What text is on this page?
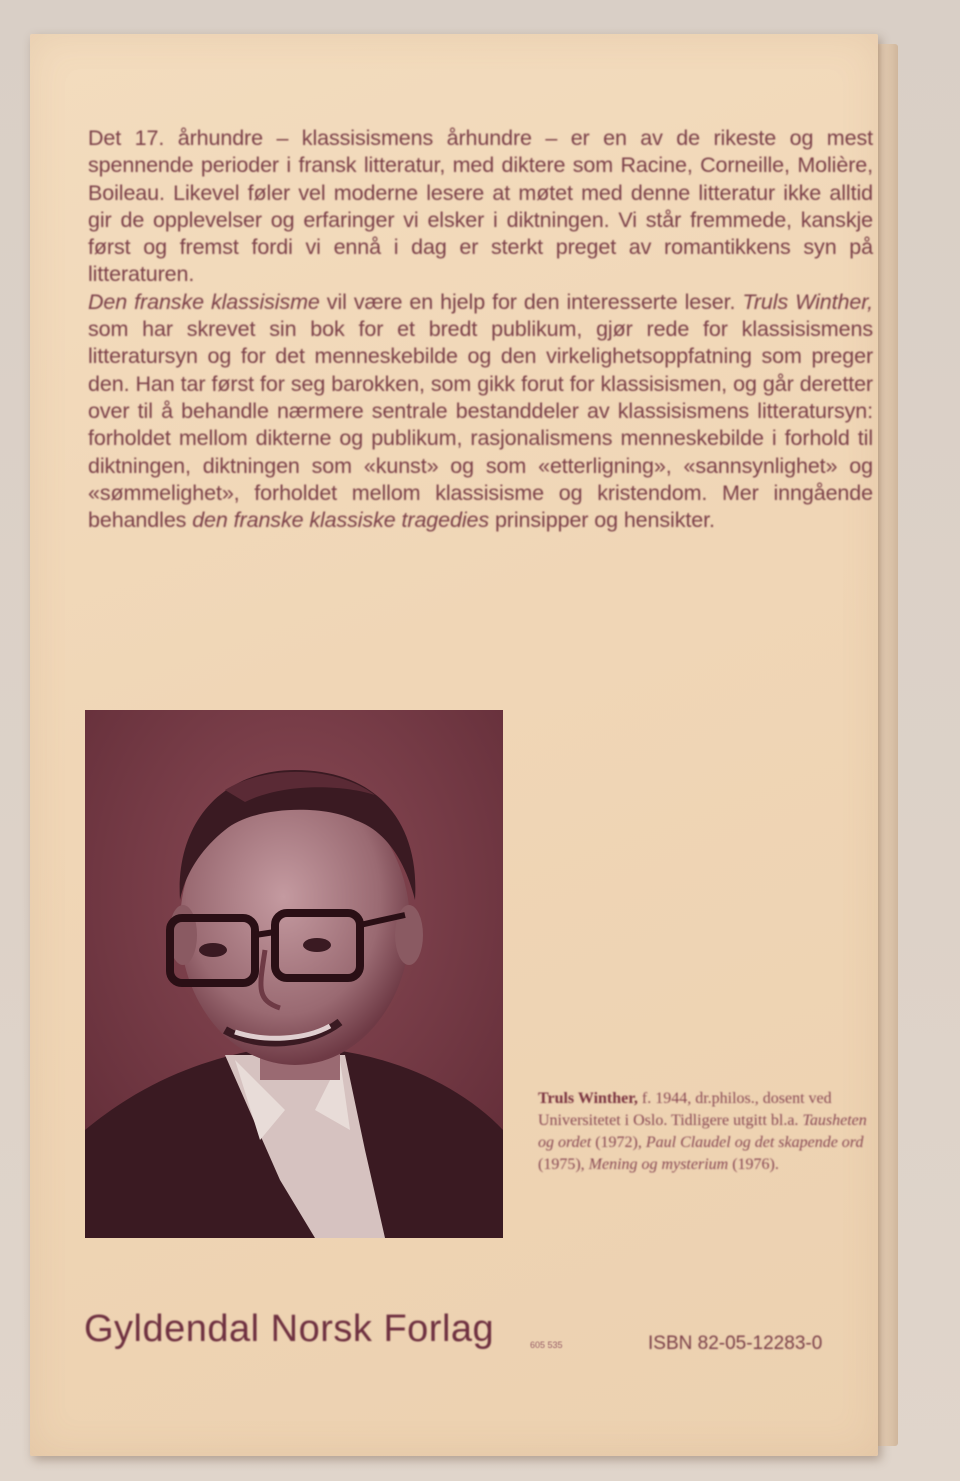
Det 17. århundre – klassisismens århundre – er en av de rikeste og mest spennende perioder i fransk litteratur, med diktere som Racine, Corneille, Molière, Boileau. Likevel føler vel moderne lesere at møtet med denne litteratur ikke alltid gir de opplevelser og erfaringer vi elsker i diktningen. Vi står fremmede, kanskje først og fremst fordi vi ennå i dag er sterkt preget av romantikkens syn på litteraturen.

Den franske klassisisme vil være en hjelp for den interesserte leser. Truls Winther, som har skrevet sin bok for et bredt publikum, gjør rede for klassisismens litteratursyn og for det menneskebilde og den virkelighetsoppfatning som preger den. Han tar først for seg barokken, som gikk forut for klassisismen, og går deretter over til å behandle nærmere sentrale bestanddeler av klassisismens litteratursyn: forholdet mellom dikterne og publikum, rasjonalismens menneskebilde i forhold til diktningen, diktningen som «kunst» og som «etterligning», «sannsynlighet» og «sømmelighet», forholdet mellom klassisisme og kristendom. Mer inngående behandles den franske klassiske tragedies prinsipper og hensikter.

Truls Winther, f. 1944, dr.philos., dosent ved Universitetet i Oslo. Tidligere utgitt bl.a. Tausheten og ordet (1972), Paul Claudel og det skapende ord (1975), Mening og mysterium (1976).
Gyldendal Norsk Forlag	605 535	ISBN 82-05-12283-0
